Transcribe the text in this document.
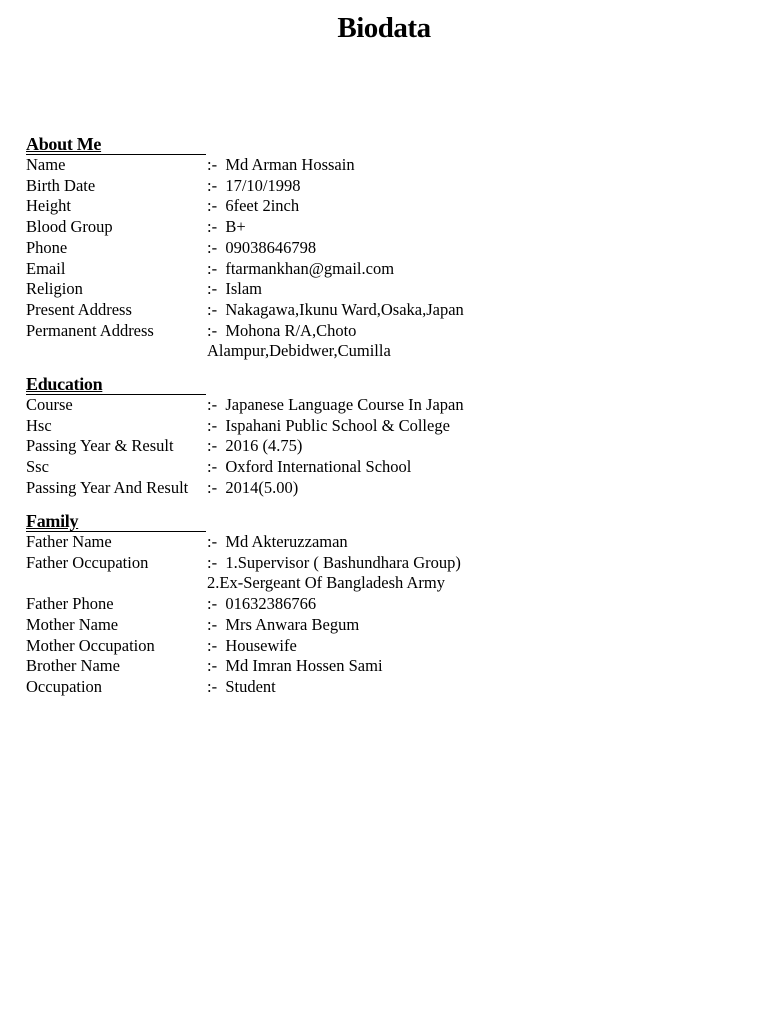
Biodata
About Me
Name	:-  Md Arman Hossain
Birth Date	:-  17/10/1998
Height	:-  6feet 2inch
Blood Group	:-  B+
Phone	:-  09038646798
Email	:-  ftarmankhan@gmail.com
Religion	:-  Islam
Present Address	:-  Nakagawa,Ikunu Ward,Osaka,Japan
Permanent Address	:-  Mohona R/A,Choto
Alampur,Debidwer,Cumilla
Education
Course	:-  Japanese Language Course In Japan
Hsc	:-  Ispahani Public School & College
Passing Year & Result	:-  2016 (4.75)
Ssc	:-  Oxford International School
Passing Year And Result	:-  2014(5.00)
Family
Father Name	:-  Md Akteruzzaman
Father Occupation	:-  1.Supervisor ( Bashundhara Group)
2.Ex-Sergeant Of Bangladesh Army
Father Phone	:-  01632386766
Mother Name	:-  Mrs Anwara Begum
Mother Occupation	:-  Housewife
Brother Name	:-  Md Imran Hossen Sami
Occupation	:-  Student
